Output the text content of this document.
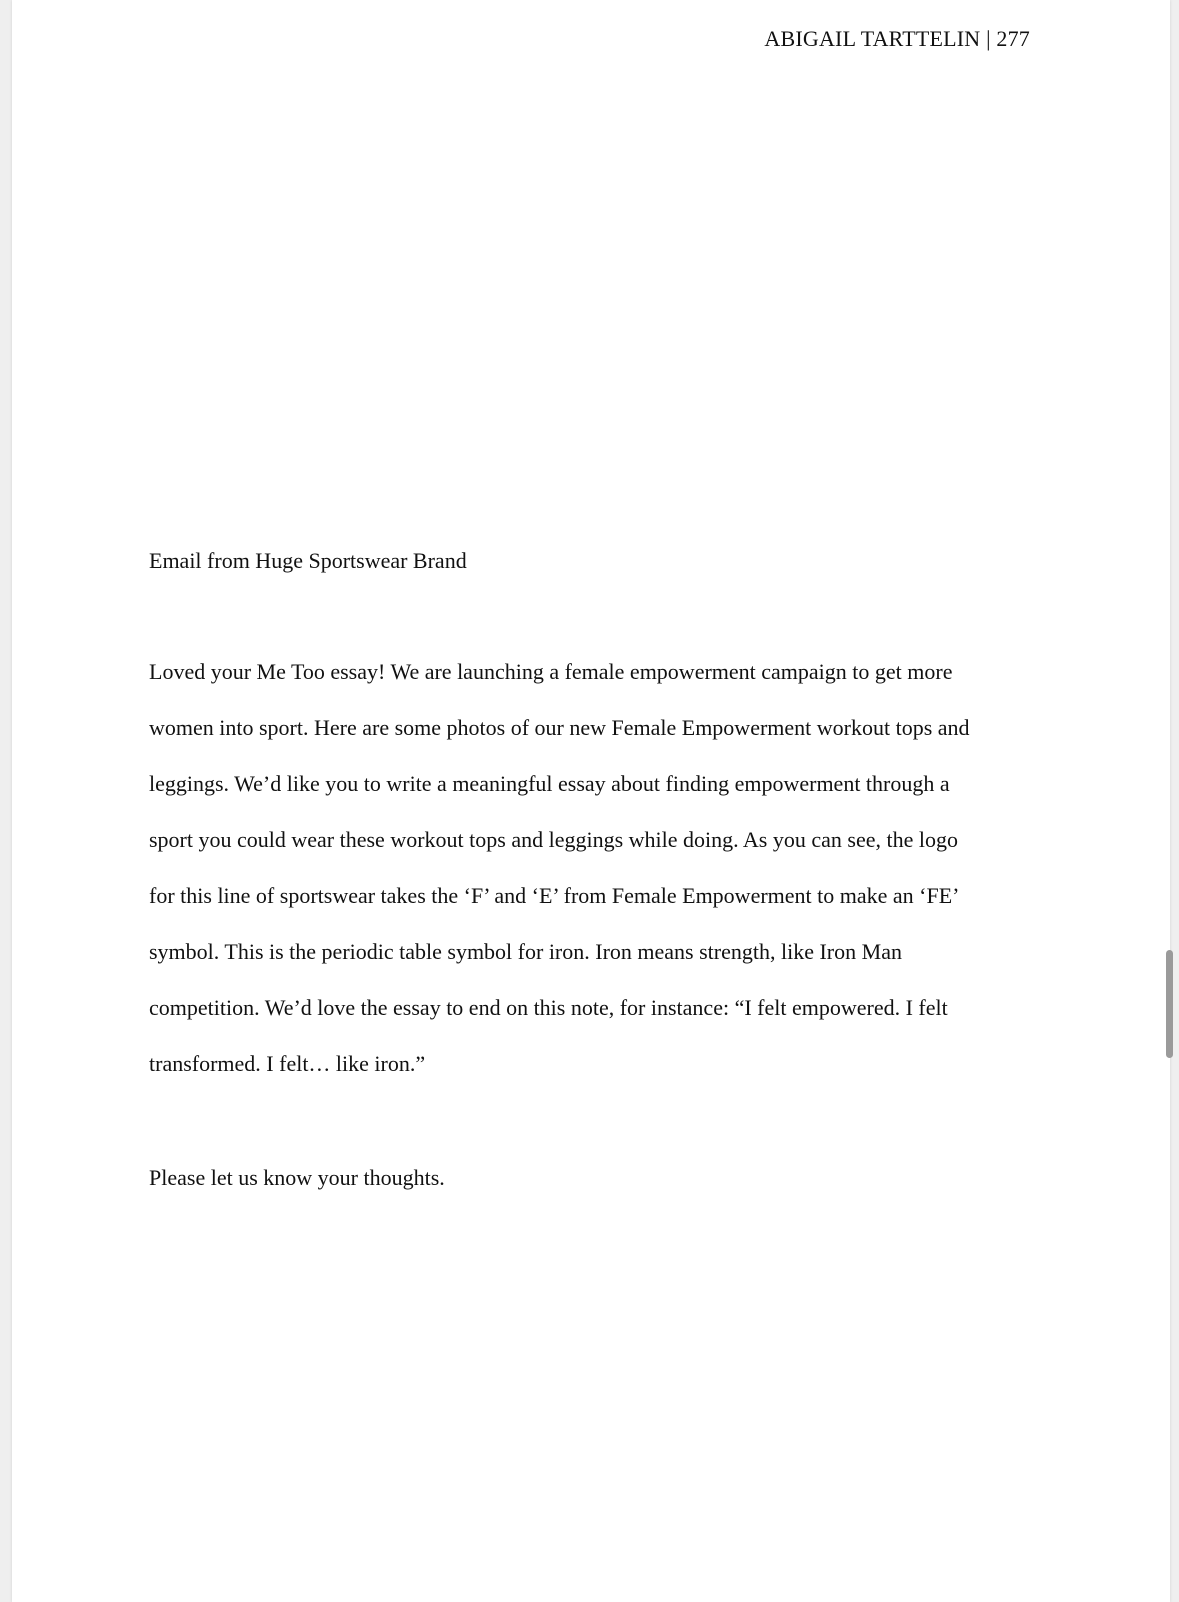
ABIGAIL TARTTELIN | 277
Email from Huge Sportswear Brand

Loved your Me Too essay! We are launching a female empowerment campaign to get more
women into sport. Here are some photos of our new Female Empowerment workout tops and
leggings. We’d like you to write a meaningful essay about finding empowerment through a
sport you could wear these workout tops and leggings while doing. As you can see, the logo
for this line of sportswear takes the ‘F’ and ‘E’ from Female Empowerment to make an ‘FE’
symbol. This is the periodic table symbol for iron. Iron means strength, like Iron Man
competition. We’d love the essay to end on this note, for instance: “I felt empowered. I felt
transformed. I felt… like iron.”

Please let us know your thoughts.
